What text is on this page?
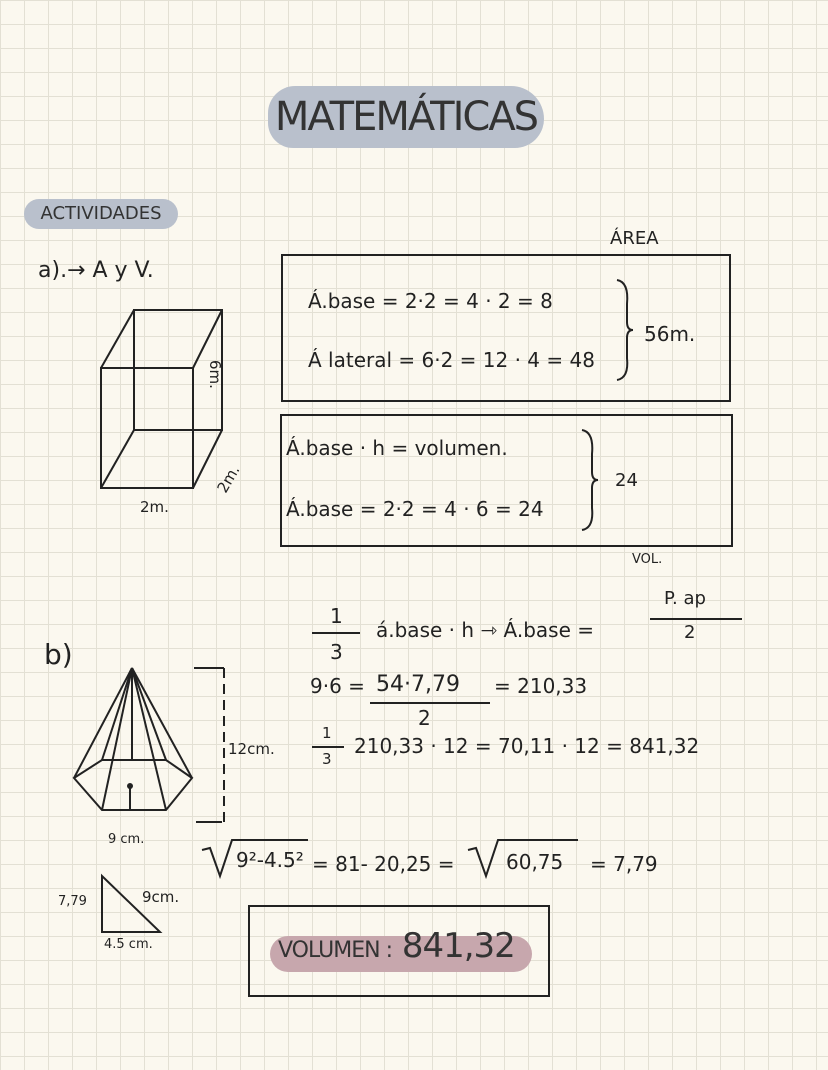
MATEMÁTICAS
ACTIVIDADES
a).→ A y V.
6m.
2m.
2m.
ÁREA
Á.base = 2·2 = 4 · 2 = 8
Á lateral = 6·2 = 12 · 4 = 48
56m.
Á.base · h = volumen.
Á.base = 2·2 = 4 · 6 = 24
24
VOL.
b)
12cm.
9 cm.
1
3
á.base · h ⇾ Á.base =
P. ap
2
9·6 = 54·7,79
2
= 210,33
1
3
210,33 · 12 = 70,11 · 12 = 841,32
7,79	9cm.
4.5 cm.
9²-4.5² = 81- 20,25 =	60,75 = 7,79
VOLUMEN : 841,32
